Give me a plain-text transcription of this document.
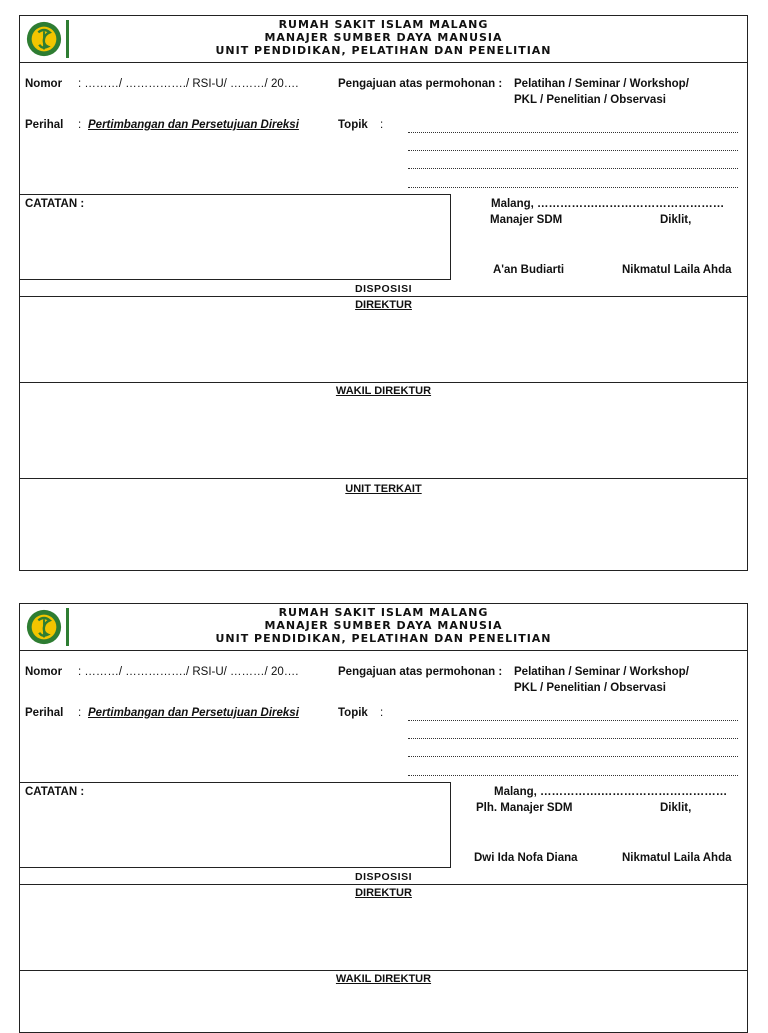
RUMAH SAKIT ISLAM MALANG
MANAJER SUMBER DAYA MANUSIA
UNIT PENDIDIKAN, PELATIHAN DAN PENELITIAN
Nomor : ………/ ……………./ RSI-U/ ………/ 20….
Perihal : Pertimbangan dan Persetujuan Direksi
Pengajuan atas permohonan : Pelatihan / Seminar / Workshop/
PKL / Penelitian / Observasi
Topik :
CATATAN :	Malang, …………….……………………………
Manajer SDM	Diklit,
A'an Budiarti	Nikmatul Laila Ahda
DISPOSISI
DIREKTUR
WAKIL DIREKTUR
UNIT TERKAIT
RUMAH SAKIT ISLAM MALANG
MANAJER SUMBER DAYA MANUSIA
UNIT PENDIDIKAN, PELATIHAN DAN PENELITIAN
Nomor : ………/ ……………./ RSI-U/ ………/ 20….
Perihal : Pertimbangan dan Persetujuan Direksi
Pengajuan atas permohonan : Pelatihan / Seminar / Workshop/
PKL / Penelitian / Observasi
Topik :
CATATAN :	Malang, …………….……………………………
Plh. Manajer SDM	Diklit,
Dwi Ida Nofa Diana	Nikmatul Laila Ahda
DISPOSISI
DIREKTUR
WAKIL DIREKTUR
